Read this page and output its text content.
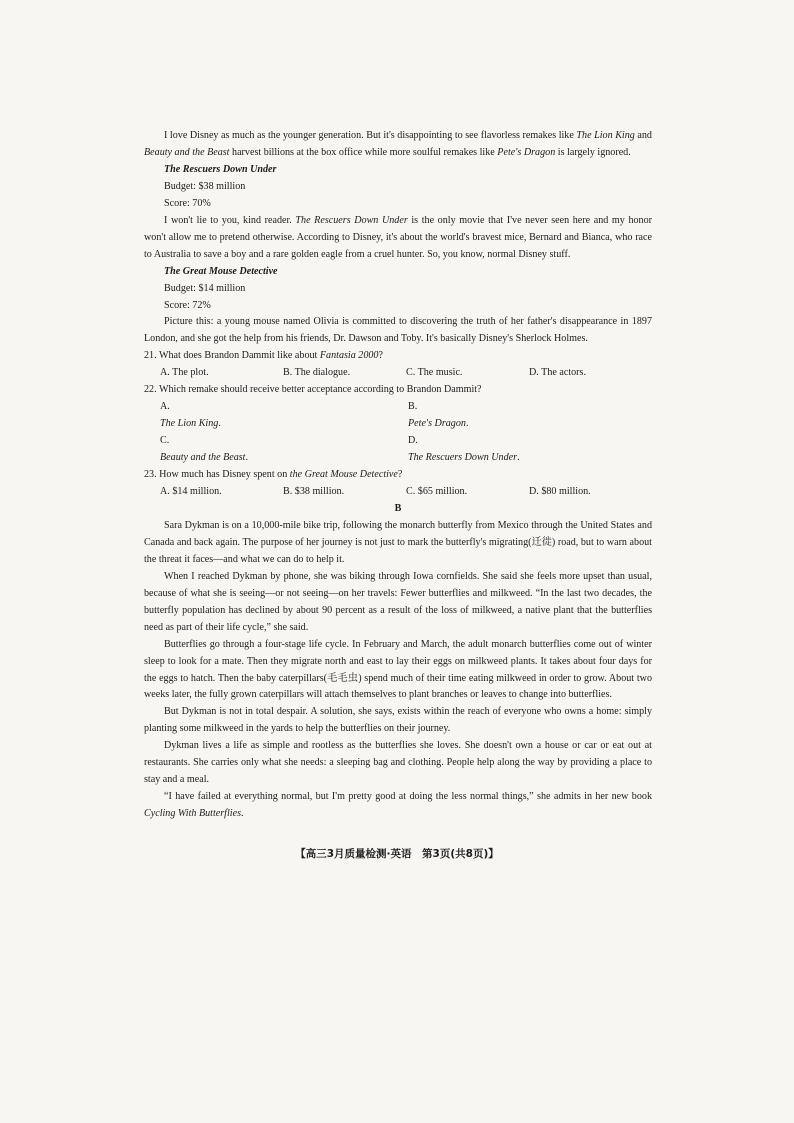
I love Disney as much as the younger generation. But it's disappointing to see flavorless remakes like The Lion King and Beauty and the Beast harvest billions at the box office while more soulful remakes like Pete's Dragon is largely ignored.

The Rescuers Down Under

Budget: $38 million

Score: 70%

I won't lie to you, kind reader. The Rescuers Down Under is the only movie that I've never seen here and my honor won't allow me to pretend otherwise. According to Disney, it's about the world's bravest mice, Bernard and Bianca, who race to Australia to save a boy and a rare golden eagle from a cruel hunter. So, you know, normal Disney stuff.

The Great Mouse Detective

Budget: $14 million

Score: 72%

Picture this: a young mouse named Olivia is committed to discovering the truth of her father's disappearance in 1897 London, and she got the help from his friends, Dr. Dawson and Toby. It's basically Disney's Sherlock Holmes.

21. What does Brandon Dammit like about Fantasia 2000?

A. The plot.	B. The dialogue.	C. The music.	D. The actors.

22. Which remake should receive better acceptance according to Brandon Dammit?

A.
The Lion King.
B.
Pete's Dragon.
C.
Beauty and the Beast.
D.
The Rescuers Down Under.

23. How much has Disney spent on the Great Mouse Detective?

A. $14 million.	B. $38 million.	C. $65 million.	D. $80 million.

B

Sara Dykman is on a 10,000-mile bike trip, following the monarch butterfly from Mexico through the United States and Canada and back again. The purpose of her journey is not just to mark the butterfly's migrating(迁徙) road, but to warn about the threat it faces—and what we can do to help it.

When I reached Dykman by phone, she was biking through Iowa cornfields. She said she feels more upset than usual, because of what she is seeing—or not seeing—on her travels: Fewer butterflies and milkweed. “In the last two decades, the butterfly population has declined by about 90 percent as a result of the loss of milkweed, a native plant that the butterflies need as part of their life cycle,” she said.

Butterflies go through a four-stage life cycle. In February and March, the adult monarch butterflies come out of winter sleep to look for a mate. Then they migrate north and east to lay their eggs on milkweed plants. It takes about four days for the eggs to hatch. Then the baby caterpillars(毛毛虫) spend much of their time eating milkweed in order to grow. About two weeks later, the fully grown caterpillars will attach themselves to plant branches or leaves to change into butterflies.

But Dykman is not in total despair. A solution, she says, exists within the reach of everyone who owns a home: simply planting some milkweed in the yards to help the butterflies on their journey.

Dykman lives a life as simple and rootless as the butterflies she loves. She doesn't own a house or car or eat out at restaurants. She carries only what she needs: a sleeping bag and clothing. People help along the way by providing a place to stay and a meal.

“I have failed at everything normal, but I'm pretty good at doing the less normal things,” she admits in her new book Cycling With Butterflies.

【高三3月质量检测·英语　第3页(共8页)】
